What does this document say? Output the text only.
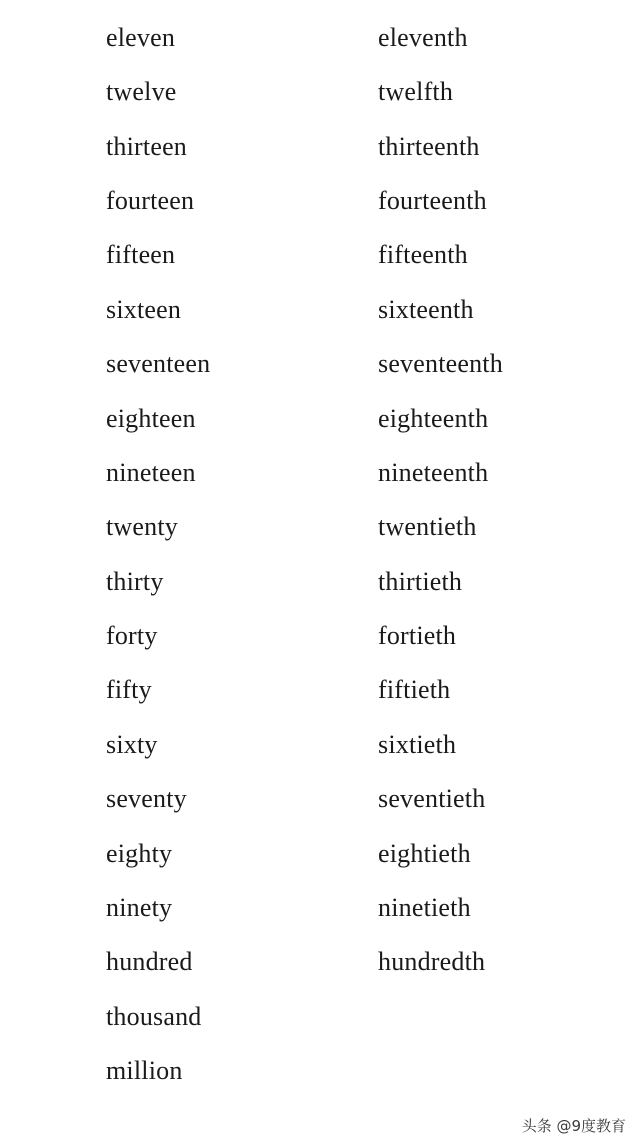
eleven	eleventh
twelve	twelfth
thirteen	thirteenth
fourteen	fourteenth
fifteen	fifteenth
sixteen	sixteenth
seventeen	seventeenth
eighteen	eighteenth
nineteen	nineteenth
twenty	twentieth
thirty	thirtieth
forty	fortieth
fifty	fiftieth
sixty	sixtieth
seventy	seventieth
eighty	eightieth
ninety	ninetieth
hundred	hundredth
thousand
million
头条 @9度教育
